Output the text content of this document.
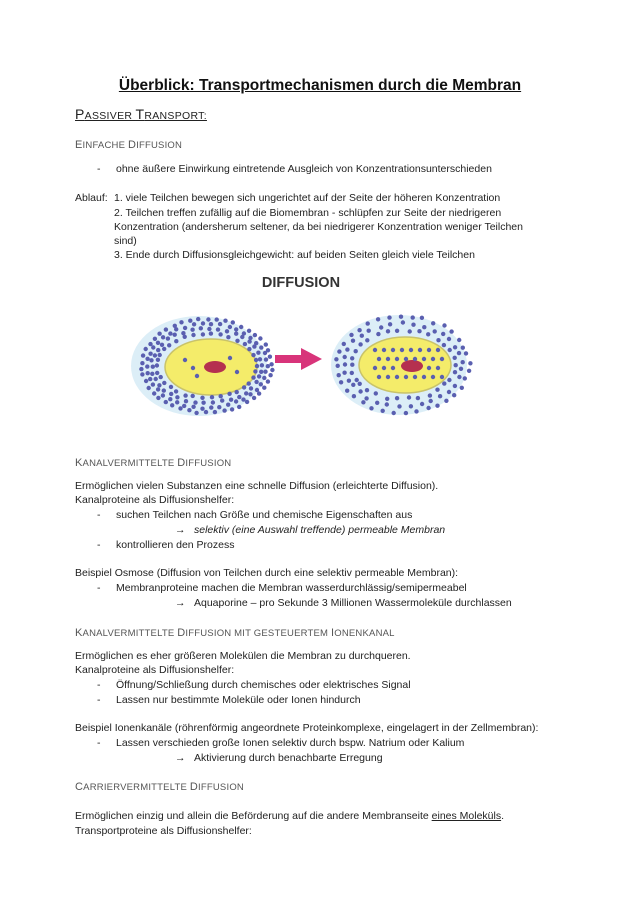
Überblick: Transportmechanismen durch die Membran
PASSIVER TRANSPORT:
EINFACHE DIFFUSION
- ohne äußere Einwirkung eintretende Ausgleich von Konzentrationsunterschieden
Ablauf: 1. viele Teilchen bewegen sich ungerichtet auf der Seite der höheren Konzentration
2. Teilchen treffen zufällig auf die Biomembran - schlüpfen zur Seite der niedrigeren
Konzentration (andersherum seltener, da bei niedrigerer Konzentration weniger Teilchen
sind)
3. Ende durch Diffusionsgleichgewicht: auf beiden Seiten gleich viele Teilchen
DIFFUSION
KANALVERMITTELTE DIFFUSION
Ermöglichen vielen Substanzen eine schnelle Diffusion (erleichterte Diffusion).
Kanalproteine als Diffusionshelfer:
- suchen Teilchen nach Größe und chemische Eigenschaften aus
→ selektiv (eine Auswahl treffende) permeable Membran
- kontrollieren den Prozess
Beispiel Osmose (Diffusion von Teilchen durch eine selektiv permeable Membran):
- Membranproteine machen die Membran wasserdurchlässig/semipermeabel
→ Aquaporine – pro Sekunde 3 Millionen Wassermoleküle durchlassen
KANALVERMITTELTE DIFFUSION MIT GESTEUERTEM IONENKANAL
Ermöglichen es eher größeren Molekülen die Membran zu durchqueren.
Kanalproteine als Diffusionshelfer:
- Öffnung/Schließung durch chemisches oder elektrisches Signal
- Lassen nur bestimmte Moleküle oder Ionen hindurch
Beispiel Ionenkanäle (röhrenförmig angeordnete Proteinkomplexe, eingelagert in der Zellmembran):
- Lassen verschieden große Ionen selektiv durch bspw. Natrium oder Kalium
→ Aktivierung durch benachbarte Erregung
CARRIERVERMITTELTE DIFFUSION
Ermöglichen einzig und allein die Beförderung auf die andere Membranseite eines Moleküls.
Transportproteine als Diffusionshelfer:
